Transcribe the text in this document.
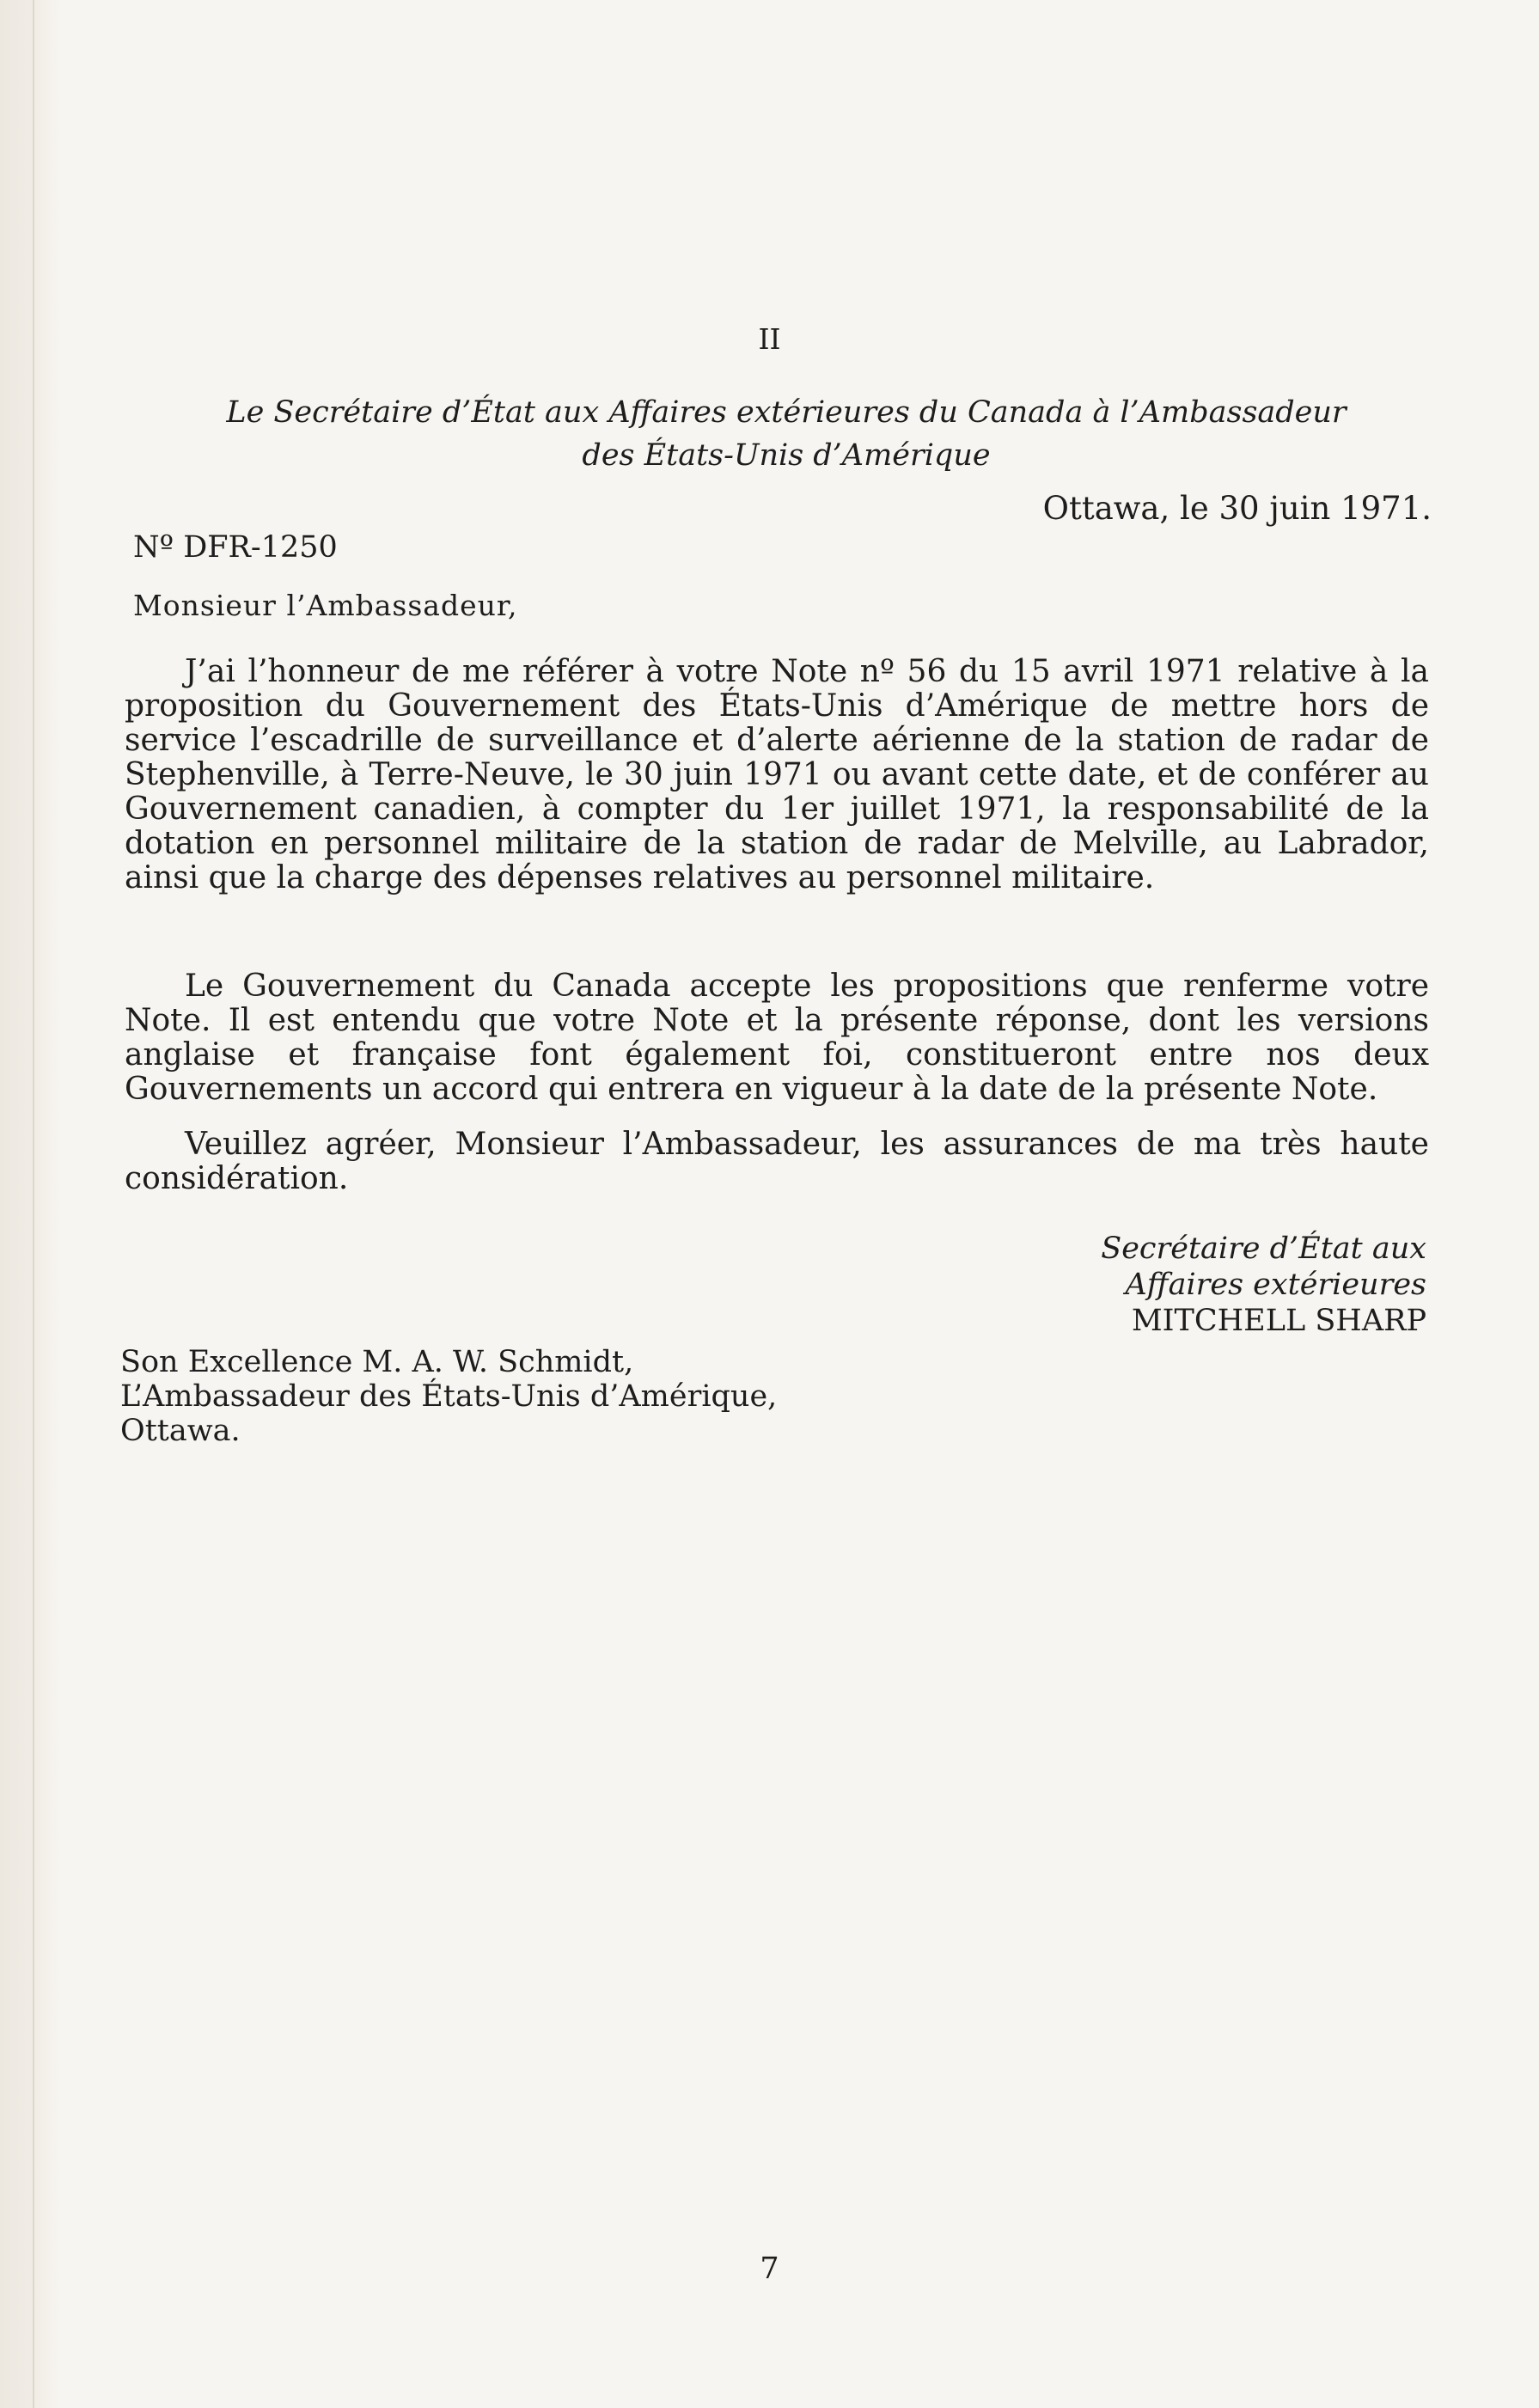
II
Le Secrétaire d’État aux Affaires extérieures du Canada à l’Ambassadeur
des États-Unis d’Amérique
Ottawa, le 30 juin 1971.
Nº DFR-1250
Monsieur l’Ambassadeur,

J’ai l’honneur de me référer à votre Note nº 56 du 15 avril 1971 relative à la proposition du Gouvernement des États-Unis d’Amérique de mettre hors de service l’escadrille de surveillance et d’alerte aérienne de la station de radar de Stephenville, à Terre-Neuve, le 30 juin 1971 ou avant cette date, et de conférer au Gouvernement canadien, à compter du 1er juillet 1971, la responsabilité de la dotation en personnel militaire de la station de radar de Melville, au Labrador, ainsi que la charge des dépenses relatives au personnel militaire.

Le Gouvernement du Canada accepte les propositions que renferme votre Note. Il est entendu que votre Note et la présente réponse, dont les versions anglaise et française font également foi, constitueront entre nos deux Gouvernements un accord qui entrera en vigueur à la date de la présente Note.

Veuillez agréer, Monsieur l’Ambassadeur, les assurances de ma très haute considération.

Secrétaire d’État aux
Affaires extérieures
MITCHELL SHARP
Son Excellence M. A. W. Schmidt,
L’Ambassadeur des États-Unis d’Amérique,
Ottawa.
7
